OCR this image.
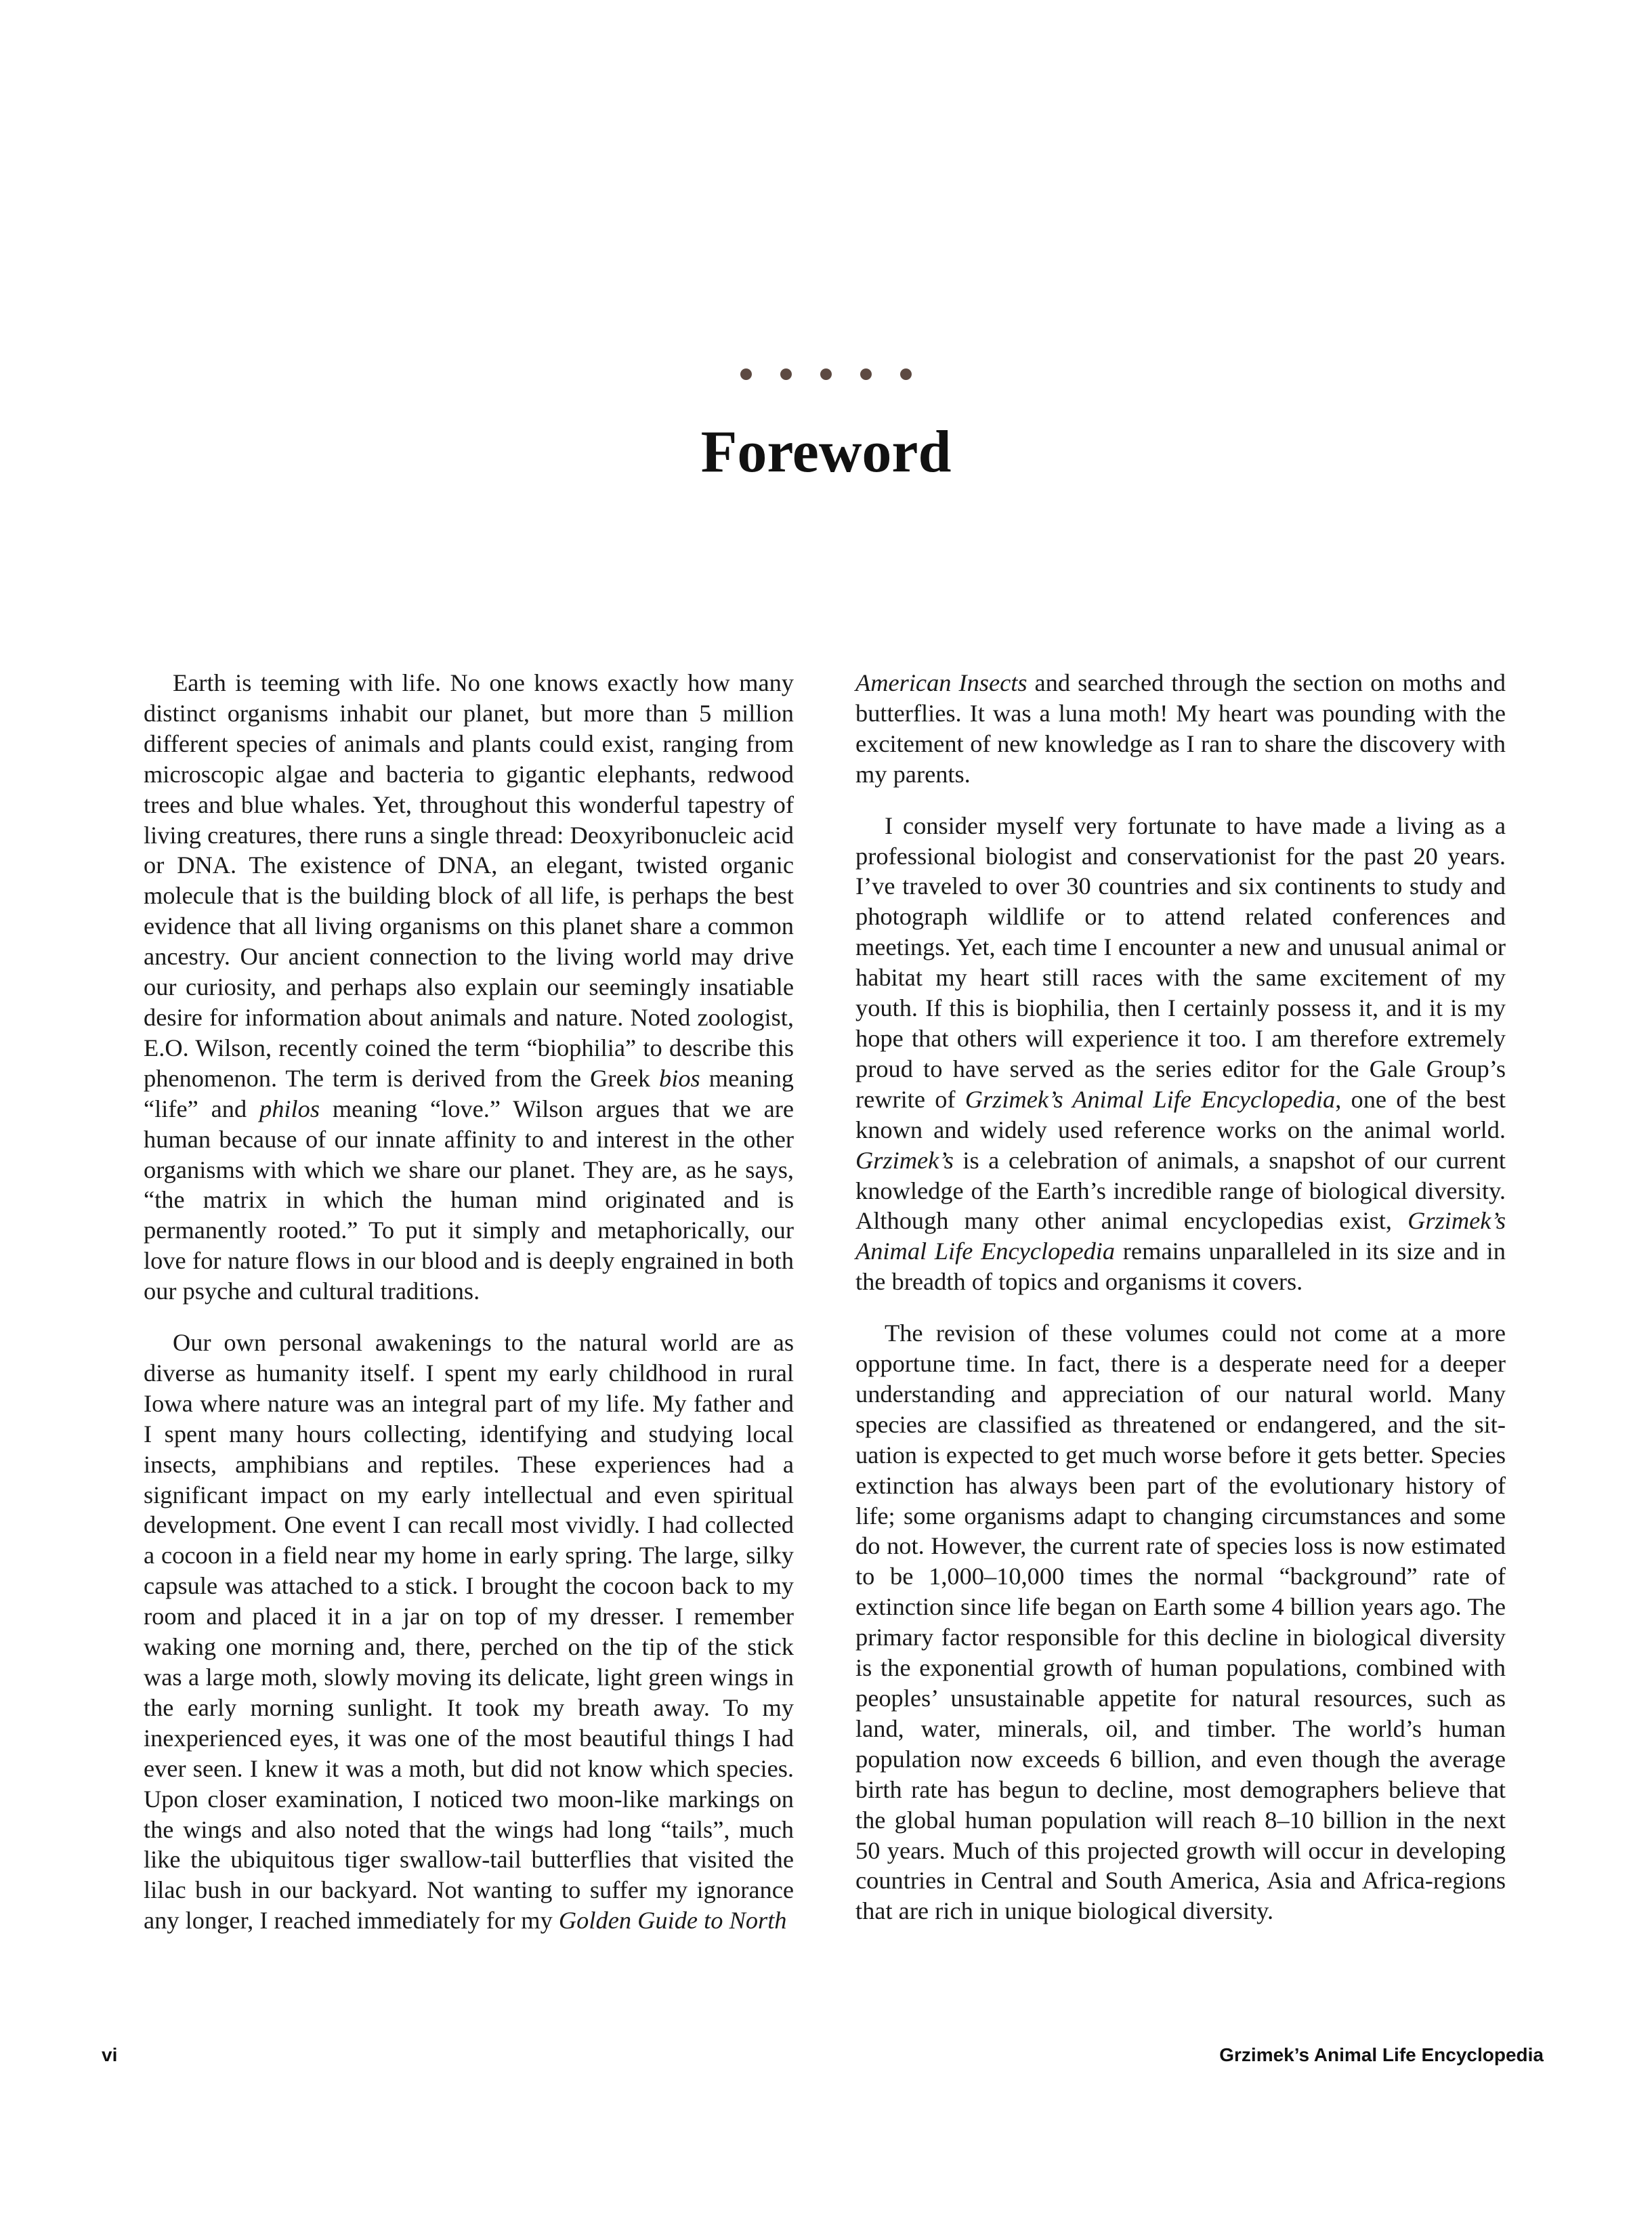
Foreword

Earth is teeming with life. No one knows exactly how many distinct organisms inhabit our planet, but more than 5 million different species of animals and plants could exist, ranging from microscopic algae and bacteria to gigantic elephants, redwood trees and blue whales. Yet, throughout this wonderful tapestry of living creatures, there runs a single thread: Deoxyribonucleic acid or DNA. The existence of DNA, an elegant, twisted organic molecule that is the building block of all life, is perhaps the best evidence that all living organisms on this planet share a common ancestry. Our ancient connection to the living world may drive our curiosity, and perhaps also explain our seemingly insatiable desire for information about animals and nature. Noted zoologist, E.O. Wilson, recently coined the term “biophilia” to describe this phenomenon. The term is derived from the Greek bios meaning “life” and philos meaning “love.” Wilson argues that we are human because of our innate affinity to and interest in the other organisms with which we share our planet. They are, as he says, “the matrix in which the human mind originated and is permanently rooted.” To put it simply and metaphorically, our love for nature flows in our blood and is deeply engrained in both our psyche and cultural traditions.

Our own personal awakenings to the natural world are as diverse as humanity itself. I spent my early childhood in rural Iowa where nature was an integral part of my life. My father and I spent many hours collecting, identifying and studying local insects, amphibians and reptiles. These experiences had a significant impact on my early intellectual and even spiritual development. One event I can recall most vividly. I had collected a cocoon in a field near my home in early spring. The large, silky capsule was attached to a stick. I brought the cocoon back to my room and placed it in a jar on top of my dresser. I remember waking one morning and, there, perched on the tip of the stick was a large moth, slowly moving its delicate, light green wings in the early morning sunlight. It took my breath away. To my inexperienced eyes, it was one of the most beautiful things I had ever seen. I knew it was a moth, but did not know which species. Upon closer examination, I noticed two moon-like markings on the wings and also noted that the wings had long “tails”, much like the ubiquitous tiger swallow-tail butterflies that visited the lilac bush in our backyard. Not wanting to suffer my ignorance any longer, I reached immediately for my Golden Guide to North

American Insects and searched through the section on moths and butterflies. It was a luna moth! My heart was pounding with the excitement of new knowledge as I ran to share the discovery with my parents.

I consider myself very fortunate to have made a living as a professional biologist and conservationist for the past 20 years. I’ve traveled to over 30 countries and six continents to study and photograph wildlife or to attend related conferences and meetings. Yet, each time I encounter a new and unusual animal or habitat my heart still races with the same excitement of my youth. If this is biophilia, then I certainly possess it, and it is my hope that others will experience it too. I am therefore extremely proud to have served as the series editor for the Gale Group’s rewrite of Grzimek’s Animal Life Encyclopedia, one of the best known and widely used reference works on the animal world. Grzimek’s is a celebration of animals, a snapshot of our current knowledge of the Earth’s incredible range of biological diversity. Although many other animal encyclopedias exist, Grzimek’s Animal Life Encyclopedia remains unparalleled in its size and in the breadth of topics and organisms it covers.

The revision of these volumes could not come at a more opportune time. In fact, there is a desperate need for a deeper understanding and appreciation of our natural world. Many species are classified as threatened or endangered, and the situation is expected to get much worse before it gets better. Species extinction has always been part of the evolutionary history of life; some organisms adapt to changing circumstances and some do not. However, the current rate of species loss is now estimated to be 1,000–10,000 times the normal “background” rate of extinction since life began on Earth some 4 billion years ago. The primary factor responsible for this decline in biological diversity is the exponential growth of human populations, combined with peoples’ unsustainable appetite for natural resources, such as land, water, minerals, oil, and timber. The world’s human population now exceeds 6 billion, and even though the average birth rate has begun to decline, most demographers believe that the global human population will reach 8–10 billion in the next 50 years. Much of this projected growth will occur in developing countries in Central and South America, Asia and Africa-regions that are rich in unique biological diversity.

vi	Grzimek’s Animal Life Encyclopedia
